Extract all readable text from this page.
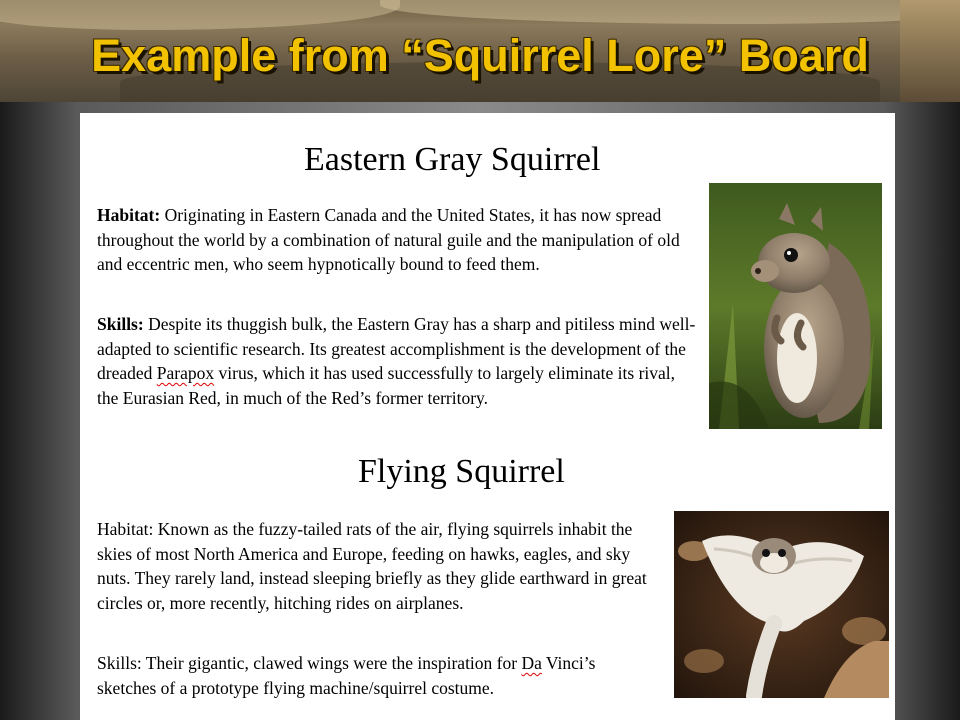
Example from “Squirrel Lore” Board
Eastern Gray Squirrel

Habitat: Originating in Eastern Canada and the United States, it has now spread throughout the world by a combination of natural guile and the manipulation of old and eccentric men, who seem hypnotically bound to feed them.

Skills: Despite its thuggish bulk, the Eastern Gray has a sharp and pitiless mind well-adapted to scientific research. Its greatest accomplishment is the development of the dreaded Parapox virus, which it has used successfully to largely eliminate its rival, the Eurasian Red, in much of the Red’s former territory.

Flying Squirrel

Habitat: Known as the fuzzy-tailed rats of the air, flying squirrels inhabit the skies of most North America and Europe, feeding on hawks, eagles, and sky nuts. They rarely land, instead sleeping briefly as they glide earthward in great circles or, more recently, hitching rides on airplanes.

Skills: Their gigantic, clawed wings were the inspiration for Da Vinci’s sketches of a prototype flying machine/squirrel costume.
